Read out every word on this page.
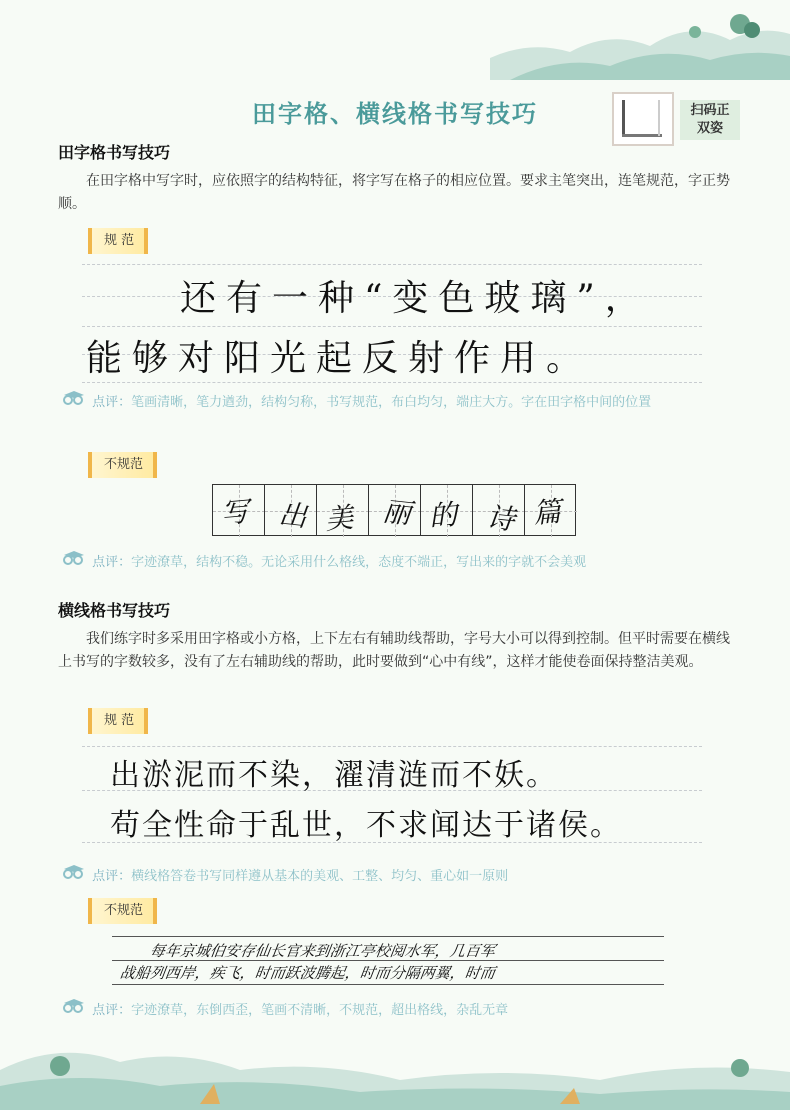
田字格、横线格书写技巧	扫码正
双姿
田字格书写技巧

在田字格中写字时，应依照字的结构特征，将字写在格子的相应位置。要求主笔突出，连笔规范，字正势顺。

规 范
还有一种“变色玻璃”，
能够对阳光起反射作用。

点评：笔画清晰，笔力遒劲，结构匀称，书写规范，布白均匀，端庄大方。字在田字格中间的位置

不规范
写 出 美 丽 的 诗 篇

点评：字迹潦草，结构不稳。无论采用什么格线，态度不端正，写出来的字就不会美观

横线格书写技巧

我们练字时多采用田字格或小方格，上下左右有辅助线帮助，字号大小可以得到控制。但平时需要在横线上书写的字数较多，没有了左右辅助线的帮助，此时要做到“心中有线”，这样才能使卷面保持整洁美观。

规 范
出淤泥而不染，濯清涟而不妖。
苟全性命于乱世，不求闻达于诸侯。

点评：横线格答卷书写同样遵从基本的美观、工整、均匀、重心如一原则

不规范
每年京城伯安存仙长官来到浙江亭校阅水军，几百军
战船列西岸，疾飞，时而跃波腾起，时而分隔两翼，时而

点评：字迹潦草，东倒西歪，笔画不清晰，不规范，超出格线，杂乱无章
